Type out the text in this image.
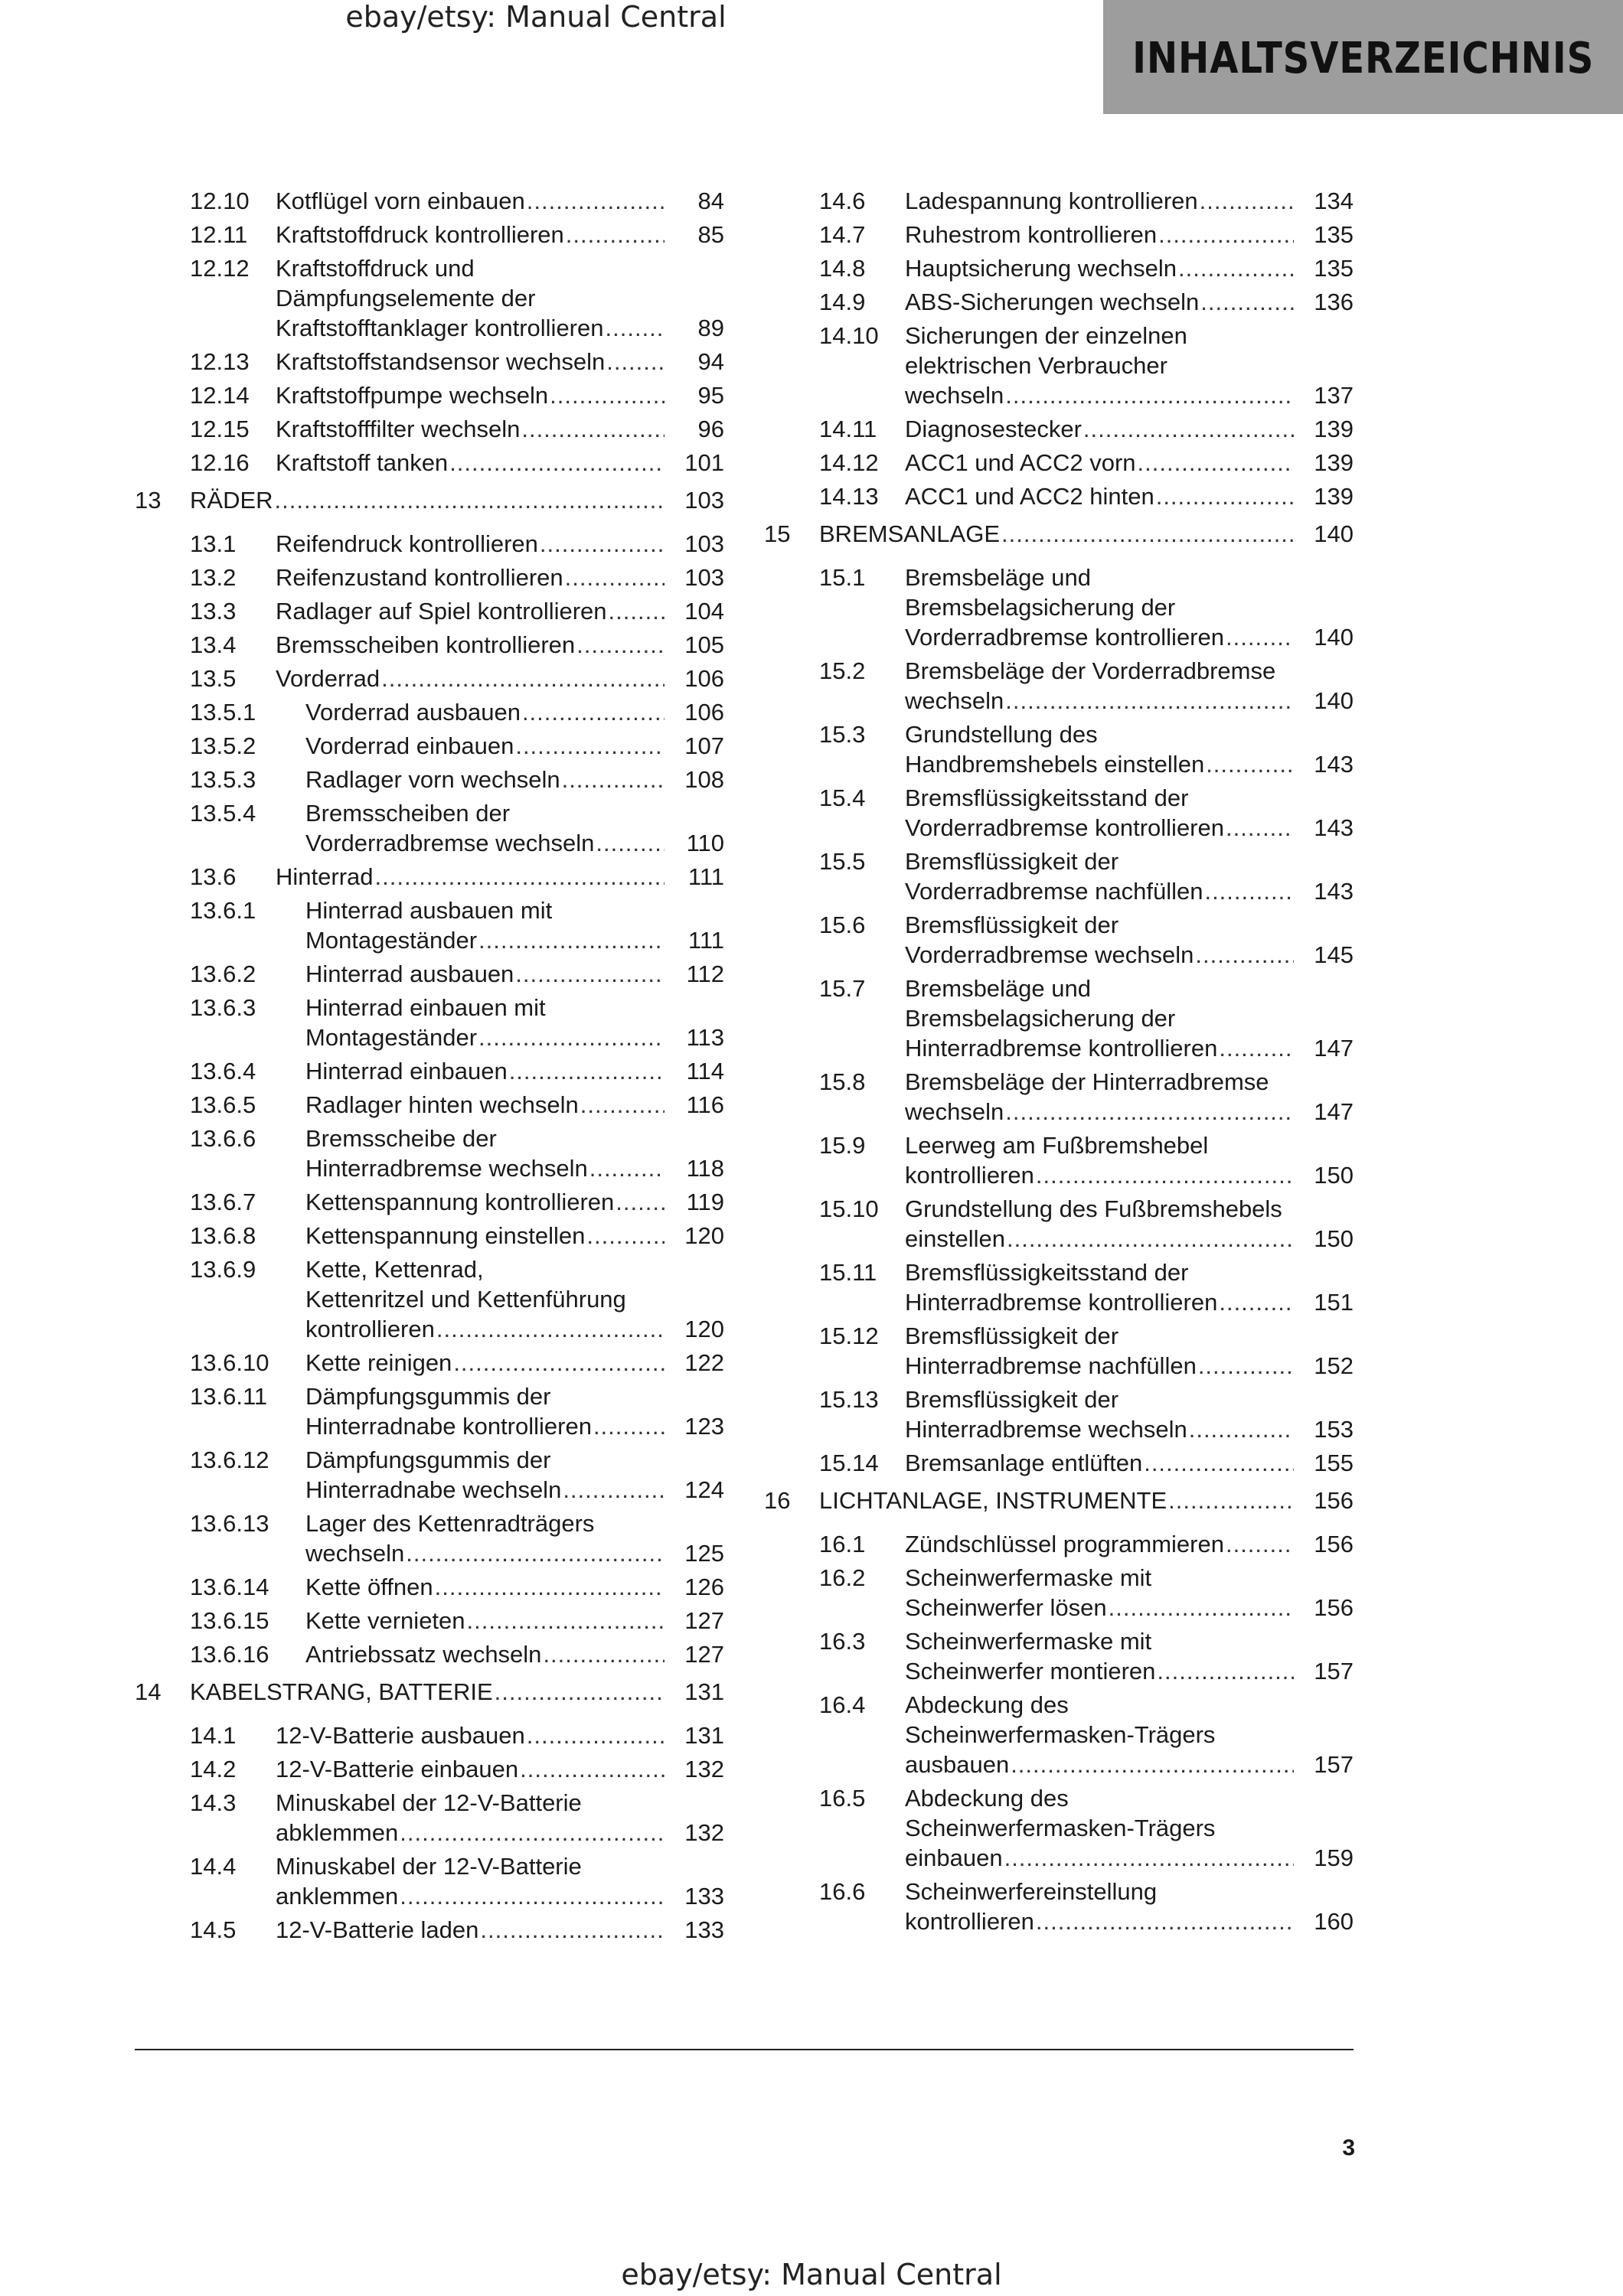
ebay/etsy: Manual Central
INHALTSVERZEICHNIS
12.10 Kotflügel vorn einbauen .....	84
12.11 Kraftstoffdruck kontrollieren .....	85
12.12 Kraftstoffdruck und
Dämpfungselemente der
Kraftstofftanklager kontrollieren .....	89
12.13 Kraftstoffstandsensor wechseln .....	94
12.14 Kraftstoffpumpe wechseln .....	95
12.15 Kraftstofffilter wechseln .....	96
12.16 Kraftstoff tanken .....	101
13 RÄDER .....	103
13.1 Reifendruck kontrollieren .....	103
13.2 Reifenzustand kontrollieren .....	103
13.3 Radlager auf Spiel kontrollieren .....	104
13.4 Bremsscheiben kontrollieren .....	105
13.5 Vorderrad .....	106
13.5.1 Vorderrad ausbauen .....	106
13.5.2 Vorderrad einbauen .....	107
13.5.3 Radlager vorn wechseln .....	108
13.5.4 Bremsscheiben der
Vorderradbremse wechseln .....	110
13.6 Hinterrad .....	111
13.6.1 Hinterrad ausbauen mit
Montageständer .....	111
13.6.2 Hinterrad ausbauen .....	112
13.6.3 Hinterrad einbauen mit
Montageständer .....	113
13.6.4 Hinterrad einbauen .....	114
13.6.5 Radlager hinten wechseln .....	116
13.6.6 Bremsscheibe der
Hinterradbremse wechseln .....	118
13.6.7 Kettenspannung kontrollieren .....	119
13.6.8 Kettenspannung einstellen .....	120
13.6.9 Kette, Kettenrad,
Kettenritzel und Kettenführung
kontrollieren .....	120
13.6.10 Kette reinigen .....	122
13.6.11 Dämpfungsgummis der
Hinterradnabe kontrollieren .....	123
13.6.12 Dämpfungsgummis der
Hinterradnabe wechseln .....	124
13.6.13 Lager des Kettenradträgers
wechseln .....	125
13.6.14 Kette öffnen .....	126
13.6.15 Kette vernieten .....	127
13.6.16 Antriebssatz wechseln .....	127
14 KABELSTRANG, BATTERIE .....	131
14.1 12-V-Batterie ausbauen .....	131
14.2 12-V-Batterie einbauen .....	132
14.3 Minuskabel der 12-V-Batterie
abklemmen .....	132
14.4 Minuskabel der 12-V-Batterie
anklemmen .....	133
14.5 12-V-Batterie laden .....	133
14.6 Ladespannung kontrollieren .....	134
14.7 Ruhestrom kontrollieren .....	135
14.8 Hauptsicherung wechseln .....	135
14.9 ABS-Sicherungen wechseln .....	136
14.10 Sicherungen der einzelnen
elektrischen Verbraucher
wechseln .....	137
14.11 Diagnosestecker .....	139
14.12 ACC1 und ACC2 vorn .....	139
14.13 ACC1 und ACC2 hinten .....	139
15 BREMSANLAGE .....	140
15.1 Bremsbeläge und
Bremsbelagsicherung der
Vorderradbremse kontrollieren .....	140
15.2 Bremsbeläge der Vorderradbremse
wechseln .....	140
15.3 Grundstellung des
Handbremshebels einstellen .....	143
15.4 Bremsflüssigkeitsstand der
Vorderradbremse kontrollieren .....	143
15.5 Bremsflüssigkeit der
Vorderradbremse nachfüllen .....	143
15.6 Bremsflüssigkeit der
Vorderradbremse wechseln .....	145
15.7 Bremsbeläge und
Bremsbelagsicherung der
Hinterradbremse kontrollieren .....	147
15.8 Bremsbeläge der Hinterradbremse
wechseln .....	147
15.9 Leerweg am Fußbremshebel
kontrollieren .....	150
15.10 Grundstellung des Fußbremshebels
einstellen .....	150
15.11 Bremsflüssigkeitsstand der
Hinterradbremse kontrollieren .....	151
15.12 Bremsflüssigkeit der
Hinterradbremse nachfüllen .....	152
15.13 Bremsflüssigkeit der
Hinterradbremse wechseln .....	153
15.14 Bremsanlage entlüften .....	155
16 LICHTANLAGE, INSTRUMENTE .....	156
16.1 Zündschlüssel programmieren .....	156
16.2 Scheinwerfermaske mit
Scheinwerfer lösen .....	156
16.3 Scheinwerfermaske mit
Scheinwerfer montieren .....	157
16.4 Abdeckung des
Scheinwerfermasken-Trägers
ausbauen .....	157
16.5 Abdeckung des
Scheinwerfermasken-Trägers
einbauen .....	159
16.6 Scheinwerfereinstellung
kontrollieren .....	160
3
ebay/etsy: Manual Central
